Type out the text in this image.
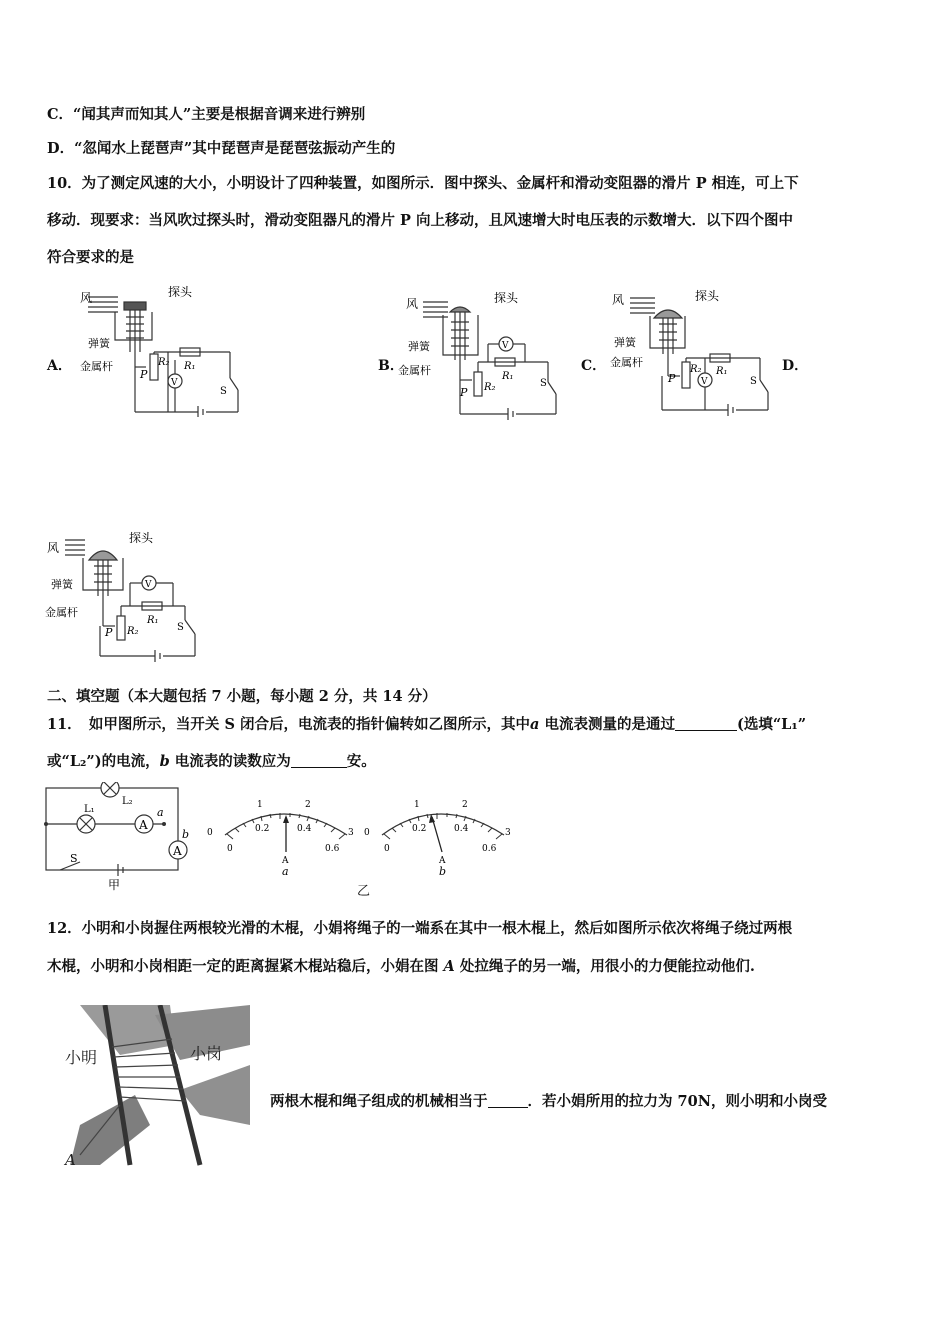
C．“闻其声而知其人”主要是根据音调来进行辨别
D．“忽闻水上琵琶声”其中琵琶声是琵琶弦振动产生的
10．为了测定风速的大小，小明设计了四种装置，如图所示．图中探头、金属杆和滑动变阻器的滑片 P 相连，可上下
移动．现要求：当风吹过探头时，滑动变阻器凡的滑片 P 向上移动，且风速增大时电压表的示数增大．以下四个图中
符合要求的是
A．	B．	C．	D．
风	探头
弹簧
金属杆
P
R₂ R₁
V
S
风	探头
弹簧
金属杆
P R₂
R₁
V
S
风	探头
弹簧
金属杆
P
R₂ R₁
V	S
风
探头
弹簧
金属杆
P R₂
R₁
V
S
二、填空题（本大题包括 7 小题，每小题 2 分，共 14 分）
11．　如甲图所示，当开关 S 闭合后，电流表的指针偏转如乙图所示，其中a 电流表测量的是通过	(选填“L₁”
或“L₂”)的电流，b 电流表的读数应为	安。
L₂
L₁
A
a
A
b
S
甲
0
1	2
3
0
0.2	0.4
0.6
A
a
0
1	2
3
0
0.2	0.4
0.6
A
b
乙
12．小明和小岗握住两根较光滑的木棍，小娟将绳子的一端系在其中一根木棍上，然后如图所示依次将绳子绕过两根
木棍，小明和小岗相距一定的距离握紧木棍站稳后，小娟在图 A 处拉绳子的另一端，用很小的力便能拉动他们.
小明	小岗
A
两根木棍和绳子组成的机械相当于	．若小娟所用的拉力为 70N，则小明和小岗受
